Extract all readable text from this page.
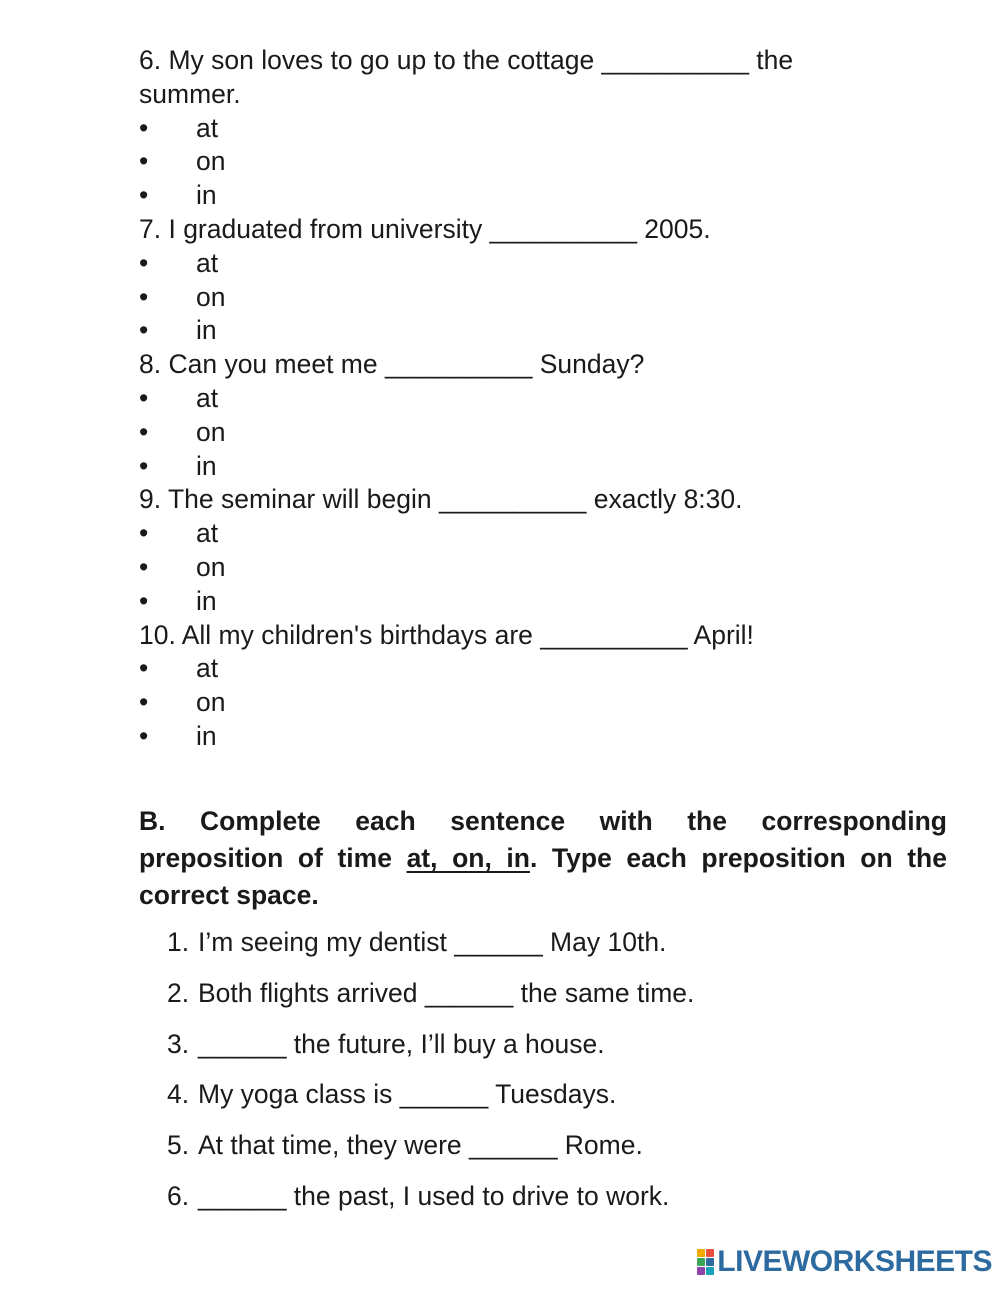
6. My son loves to go up to the cottage __________ the
summer.
• at
• on
• in
7. I graduated from university __________ 2005.
• at
• on
• in
8. Can you meet me __________ Sunday?
• at
• on
• in
9. The seminar will begin __________ exactly 8:30.
• at
• on
• in
10. All my children's birthdays are __________ April!
• at
• on
• in
B. Complete each sentence with the corresponding
preposition of time at, on, in. Type each preposition on the
correct space.
1. I’m seeing my dentist ______ May 10th.
2. Both flights arrived ______ the same time.
3. ______ the future, I’ll buy a house.
4. My yoga class is ______ Tuesdays.
5. At that time, they were ______ Rome.
6. ______ the past, I used to drive to work.
LIVEWORKSHEETS
